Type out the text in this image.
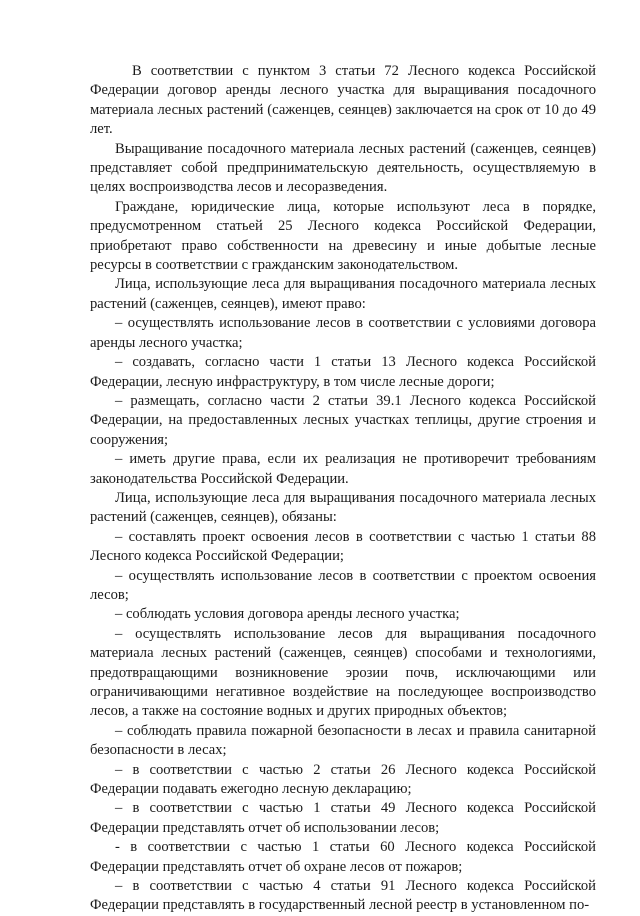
В соответствии с пунктом 3 статьи 72 Лесного кодекса Российской Федерации договор аренды лесного участка для выращивания посадочного материала лесных растений (саженцев, сеянцев) заключается на срок от 10 до 49 лет.

Выращивание посадочного материала лесных растений (саженцев, сеянцев) представляет собой предпринимательскую деятельность, осуществляемую в целях воспроизводства лесов и лесоразведения.

Граждане, юридические лица, которые используют леса в порядке, предусмотренном статьей 25 Лесного кодекса Российской Федерации, приобретают право собственности на древесину и иные добытые лесные ресурсы в соответствии с гражданским законодательством.

Лица, использующие леса для выращивания посадочного материала лесных растений (саженцев, сеянцев), имеют право:

– осуществлять использование лесов в соответствии с условиями договора аренды лесного участка;

– создавать, согласно части 1 статьи 13 Лесного кодекса Российской Федерации, лесную инфраструктуру, в том числе лесные дороги;

– размещать, согласно части 2 статьи 39.1 Лесного кодекса Российской Федерации, на предоставленных лесных участках теплицы, другие строения и сооружения;

– иметь другие права, если их реализация не противоречит требованиям законодательства Российской Федерации.

Лица, использующие леса для выращивания посадочного материала лесных растений (саженцев, сеянцев), обязаны:

– составлять проект освоения лесов в соответствии с частью 1 статьи 88 Лесного кодекса Российской Федерации;

– осуществлять использование лесов в соответствии с проектом освоения лесов;

– соблюдать условия договора аренды лесного участка;

– осуществлять использование лесов для выращивания посадочного материала лесных растений (саженцев, сеянцев) способами и технологиями, предотвращающими возникновение эрозии почв, исключающими или ограничивающими негативное воздействие на последующее воспроизводство лесов, а также на состояние водных и других природных объектов;

– соблюдать правила пожарной безопасности в лесах и правила санитарной безопасности в лесах;

– в соответствии с частью 2 статьи 26 Лесного кодекса Российской Федерации подавать ежегодно лесную декларацию;

– в соответствии с частью 1 статьи 49 Лесного кодекса Российской Федерации представлять отчет об использовании лесов;

- в соответствии с частью 1 статьи 60 Лесного кодекса Российской Федерации представлять отчет об охране лесов от пожаров;

– в соответствии с частью 4 статьи 91 Лесного кодекса Российской Федерации представлять в государственный лесной реестр в установленном по-
